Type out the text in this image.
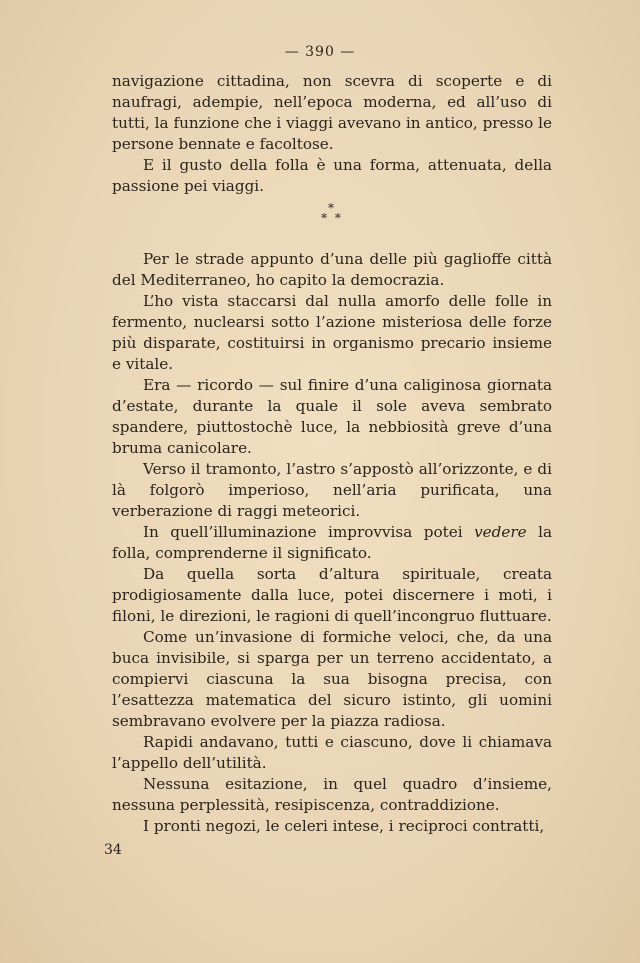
— 390 —

navigazione cittadina, non scevra di scoperte e di naufragi, adempie, nell’epoca moderna, ed all’uso di tutti, la funzione che i viaggi avevano in antico, presso le persone bennate e facoltose.

E il gusto della folla è una forma, attenuata, della passione pei viaggi.

*
* *

Per le strade appunto d’una delle più gaglioffe città del Mediterraneo, ho capito la democrazia.

L’ho vista staccarsi dal nulla amorfo delle folle in fermento, nuclearsi sotto l’azione misteriosa delle forze più disparate, costituirsi in organismo precario insieme e vitale.

Era — ricordo — sul finire d’una caliginosa giornata d’estate, durante la quale il sole aveva sembrato spandere, piuttostochè luce, la nebbiosità greve d’una bruma canicolare.

Verso il tramonto, l’astro s’appostò all’orizzonte, e di là folgorò imperioso, nell’aria purificata, una verberazione di raggi meteorici.

In quell’illuminazione improvvisa potei vedere la folla, comprenderne il significato.

Da quella sorta d’altura spirituale, creata prodigiosamente dalla luce, potei discernere i moti, i filoni, le direzioni, le ragioni di quell’incongruo fluttuare.

Come un’invasione di formiche veloci, che, da una buca invisibile, si sparga per un terreno accidentato, a compiervi ciascuna la sua bisogna precisa, con l’esattezza matematica del sicuro istinto, gli uomini sembravano evolvere per la piazza radiosa.

Rapidi andavano, tutti e ciascuno, dove li chiamava l’appello dell’utilità.

Nessuna esitazione, in quel quadro d’insieme, nessuna perplessità, resipiscenza, contraddizione.

I pronti negozi, le celeri intese, i reciproci contratti,

34
